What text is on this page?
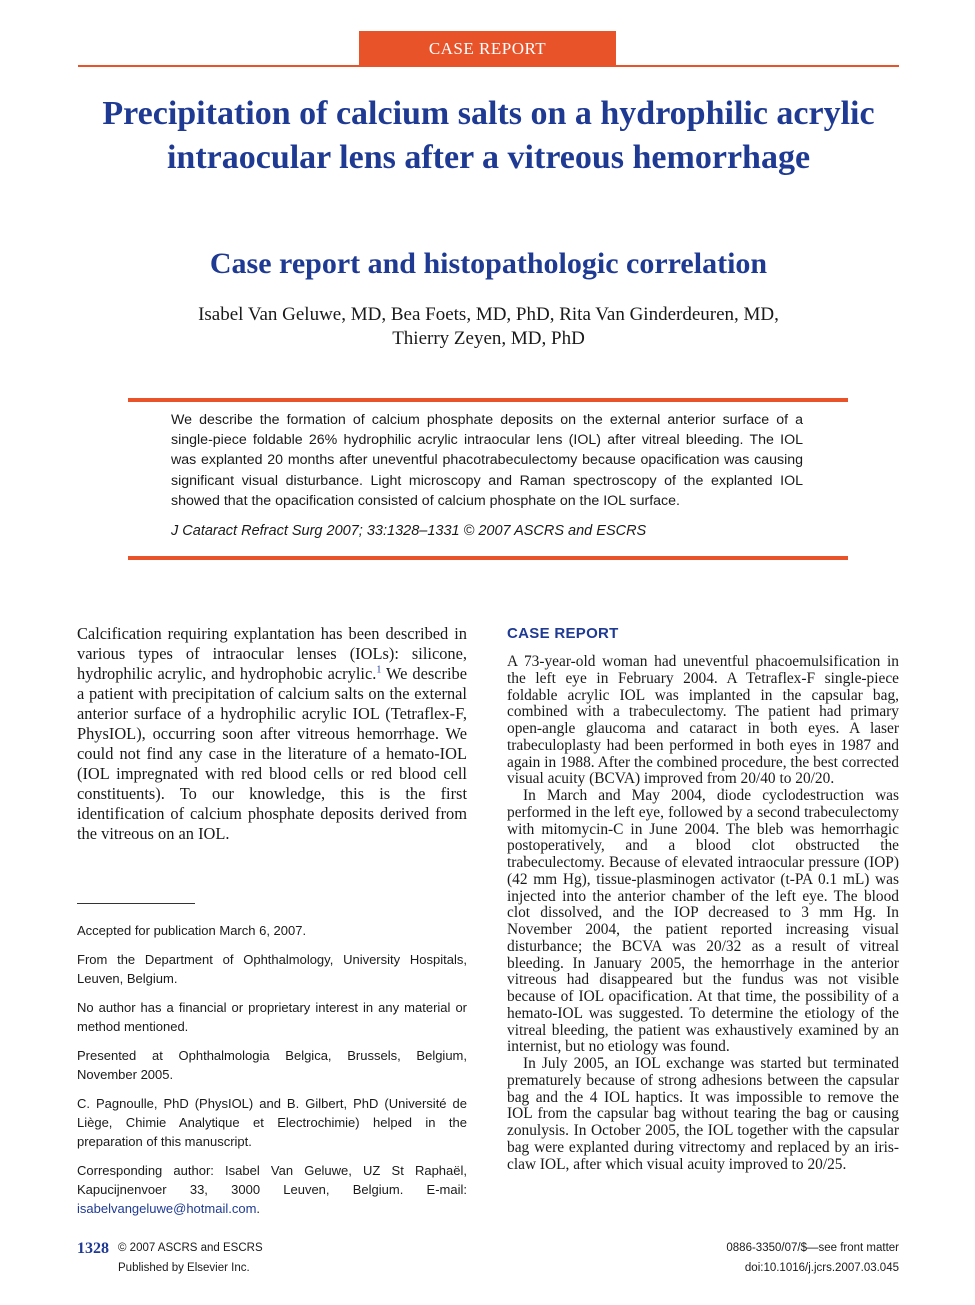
CASE REPORT
Precipitation of calcium salts on a hydrophilic acrylic intraocular lens after a vitreous hemorrhage
Case report and histopathologic correlation
Isabel Van Geluwe, MD, Bea Foets, MD, PhD, Rita Van Ginderdeuren, MD,
Thierry Zeyen, MD, PhD
We describe the formation of calcium phosphate deposits on the external anterior surface of a single-piece foldable 26% hydrophilic acrylic intraocular lens (IOL) after vitreal bleeding. The IOL was explanted 20 months after uneventful phacotrabeculectomy because opacification was causing significant visual disturbance. Light microscopy and Raman spectroscopy of the explanted IOL showed that the opacification consisted of calcium phosphate on the IOL surface.
J Cataract Refract Surg 2007; 33:1328–1331 © 2007 ASCRS and ESCRS

Calcification requiring explantation has been described in various types of intraocular lenses (IOLs): silicone, hydrophilic acrylic, and hydrophobic acrylic.$^1$ We describe a patient with precipitation of calcium salts on the external anterior surface of a hydrophilic acrylic IOL (Tetraflex-F, PhysIOL), occurring soon after vitreous hemorrhage. We could not find any case in the literature of a hemato-IOL (IOL impregnated with red blood cells or red blood cell constituents). To our knowledge, this is the first identification of calcium phosphate deposits derived from the vitreous on an IOL.

Accepted for publication March 6, 2007.

From the Department of Ophthalmology, University Hospitals, Leuven, Belgium.

No author has a financial or proprietary interest in any material or method mentioned.

Presented at Ophthalmologia Belgica, Brussels, Belgium, November 2005.

C. Pagnoulle, PhD (PhysIOL) and B. Gilbert, PhD (Université de Liège, Chimie Analytique et Electrochimie) helped in the preparation of this manuscript.

Corresponding author: Isabel Van Geluwe, UZ St Raphaël, Kapucijnenvoer 33, 3000 Leuven, Belgium. E-mail: isabelvangeluwe@hotmail.com.

CASE REPORT

A 73-year-old woman had uneventful phacoemulsification in the left eye in February 2004. A Tetraflex-F single-piece foldable acrylic IOL was implanted in the capsular bag, combined with a trabeculectomy. The patient had primary open-angle glaucoma and cataract in both eyes. A laser trabeculoplasty had been performed in both eyes in 1987 and again in 1988. After the combined procedure, the best corrected visual acuity (BCVA) improved from 20/40 to 20/20.

In March and May 2004, diode cyclodestruction was performed in the left eye, followed by a second trabeculectomy with mitomycin-C in June 2004. The bleb was hemorrhagic postoperatively, and a blood clot obstructed the trabeculectomy. Because of elevated intraocular pressure (IOP) (42 mm Hg), tissue-plasminogen activator (t-PA 0.1 mL) was injected into the anterior chamber of the left eye. The blood clot dissolved, and the IOP decreased to 3 mm Hg. In November 2004, the patient reported increasing visual disturbance; the BCVA was 20/32 as a result of vitreal bleeding. In January 2005, the hemorrhage in the anterior vitreous had disappeared but the fundus was not visible because of IOL opacification. At that time, the possibility of a hemato-IOL was suggested. To determine the etiology of the vitreal bleeding, the patient was exhaustively examined by an internist, but no etiology was found.

In July 2005, an IOL exchange was started but terminated prematurely because of strong adhesions between the capsular bag and the 4 IOL haptics. It was impossible to remove the IOL from the capsular bag without tearing the bag or causing zonulysis. In October 2005, the IOL together with the capsular bag were explanted during vitrectomy and replaced by an iris-claw IOL, after which visual acuity improved to 20/25.

1328 © 2007 ASCRS and ESCRS
Published by Elsevier Inc.
0886-3350/07/$—see front matter
doi:10.1016/j.jcrs.2007.03.045
